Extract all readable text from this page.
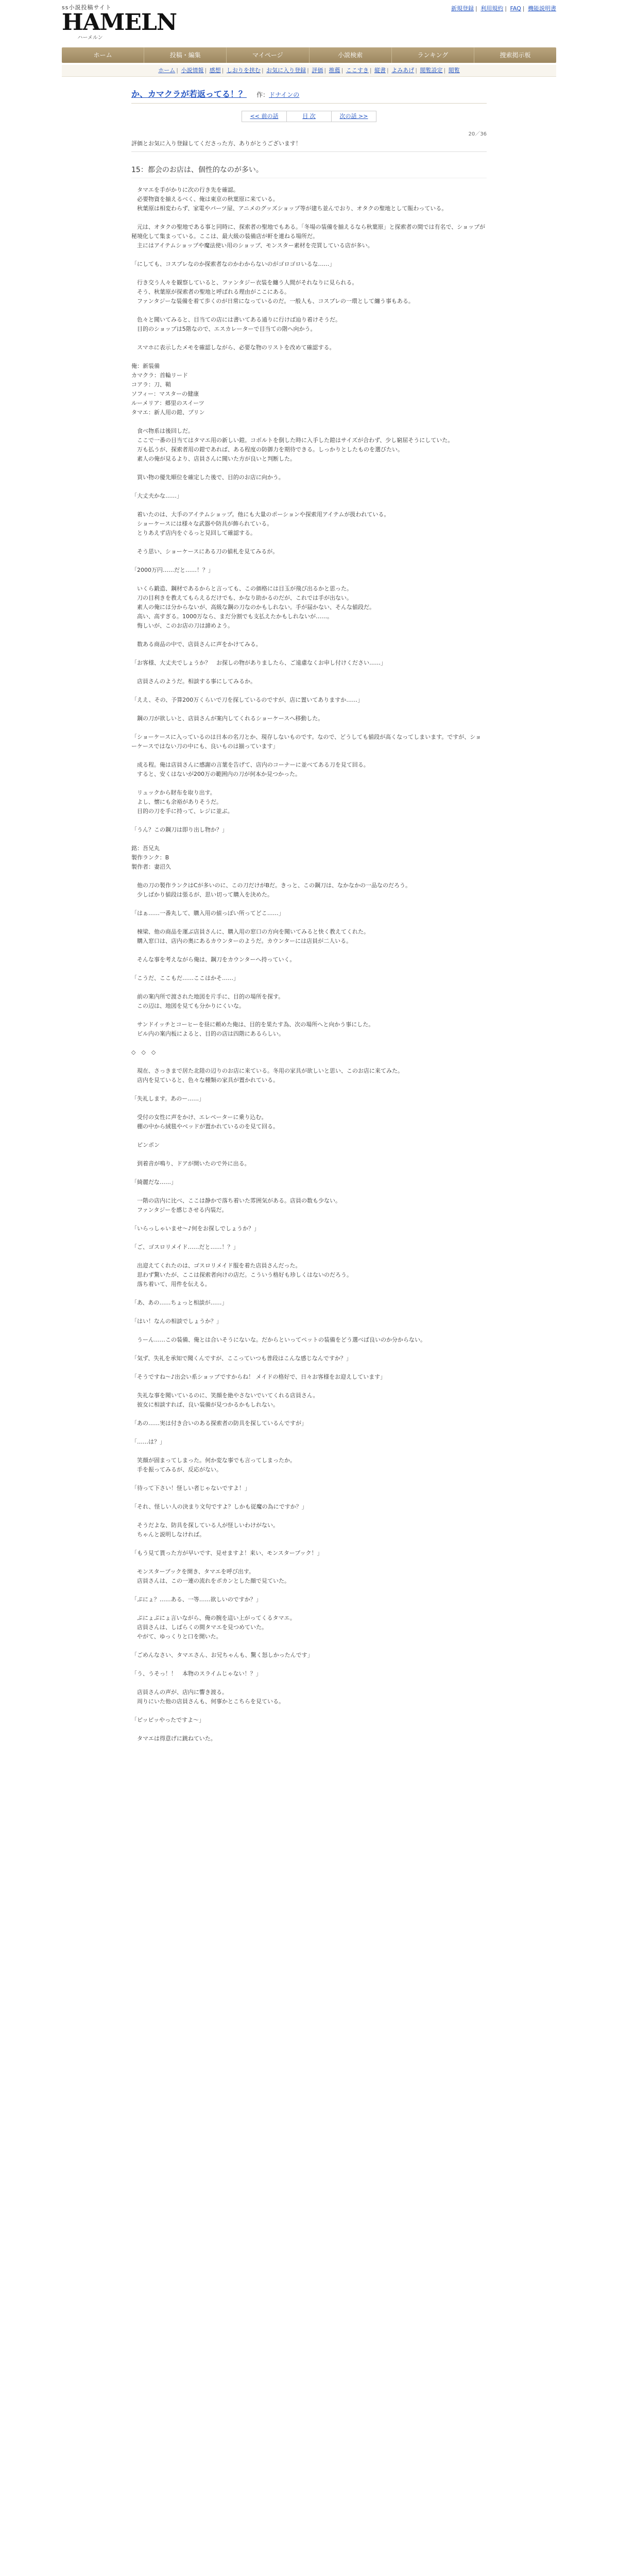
ss小説投稿サイト
HAMELN
ハーメルン
新規登録 | 利用規約 | FAQ | 機能説明書
ホーム	投稿・編集	マイページ	小説検索	ランキング	捜索掲示板
ホーム | 小説情報 | 感想 | しおりを挟む | お気に入り登録 | 評価 | 推薦 | ここすき | 縦書 | よみあげ | 閲覧設定 | 閲覧
か、カマクラが若返ってる！？ 作：ドナインの
<< 前の話	目 次	次の話 >>
20／36
評価とお気に入り登録してくださった方、ありがとうございます！
15：都会のお店は、個性的なのが多い。

　タマエを手がかりに次の行き先を確認。

　必要物資を揃えるべく、俺は東京の秋葉原に来ている。

　秋葉原は相変わらず、家電やパーツ屋、アニメのグッズショップ等が建ち並んでおり、オタクの聖地として賑わっている。

　元は、オタクの聖地である事と同時に、探索者の聖地でもある。「冬場の装備を揃えるなら秋葉原」と探索者の間では有名で、ショップが秘境化して集まっている。ここは、最大級の装備店が軒を連ねる場所だ。

　主にはアイテムショップや魔法使い用のショップ、モンスター素材を売買している店が多い。

「にしても、コスプレなのか探索者なのかわからないのがゴロゴロいるな……」

　行き交う人々を観察していると、ファンタジー衣装を纏う人間がそれなりに見られる。

　そう、秋葉原が探索者の聖地と呼ばれる理由がここにある。

　ファンタジーな装備を着て歩くのが日常になっているのだ。一般人も、コスプレの一環として纏う事もある。

　色々と聞いてみると、目当ての店には書いてある通りに行けば辿り着けそうだ。

　目的のショップは5階なので、エスカレーターで目当ての階へ向かう。

　スマホに表示したメモを確認しながら、必要な物のリストを改めて確認する。

俺：新装備

カマクラ：首輪リード

コアラ：刀、鞘

ソフィー：マスターの健康

ルーメリア：郷里のスイーツ

タマエ：新人用の鎧、プリン

　食べ物系は後回しだ。

　ここで一番の目当てはタマエ用の新しい鎧。コボルトを倒した時に入手した鎧はサイズが合わず、少し窮屈そうにしていた。

　万も払うが、探索者用の鎧であれば、ある程度の防御力を期待できる。しっかりとしたものを選びたい。

　素人の俺が見るより、店員さんに聞いた方が良いと判断した。

　買い物の優先順位を確定した後で、目的のお店に向かう。

「大丈夫かな……」

　着いたのは、大手のアイテムショップ。他にも大量のポーションや探索用アイテムが扱われている。

　ショーケースには様々な武器や防具が飾られている。

　とりあえず店内をぐるっと見回して確認する。

　そう思い、ショーケースにある刀の値札を見てみるが。

「2000万円……だと……！？」

　いくら鍛造、鋼材であるからと言っても、この価格には目玉が飛び出るかと思った。

　刀の目利きを教えてもらえるだけでも、かなり助かるのだが、これでは手が出ない。

　素人の俺には分からないが、高級な鋼の刀なのかもしれない。手が届かない、そんな値段だ。

　高い、高すぎる。1000万なら、まだ分割でも支払えたかもしれないが……。

　悔しいが、このお店の刀は諦めよう。

　数ある商品の中で、店員さんに声をかけてみる。

「お客様、大丈夫でしょうか？　お探しの物がありましたら、ご遠慮なくお申し付けください……」

　店員さんのようだ。相談する事にしてみるか。

「ええ、その、予算200万くらいで刀を探しているのですが、店に置いてありますか……」

　鋼の刀が欲しいと、店員さんが案内してくれるショーケースへ移動した。

「ショーケースに入っているのは日本の名刀とか、現存しないものです。なので、どうしても値段が高くなってしまいます。ですが、ショーケースではない刀の中にも、良いものは揃っています」

　成る程。俺は店員さんに感謝の言葉を告げて、店内のコーナーに並べてある刀を見て回る。

　すると、安くはないが200万の範囲内の刀が何本か見つかった。

　リュックから財布を取り出す。

　よし、懐にも余裕がありそうだ。

　目的の刀を手に持って、レジに並ぶ。

「うん？この鋼刀は即り出し物か？」

銘：吾兄丸

製作ランク：B

製作者：妻沼久

　他の刀の製作ランクはCが多いのに、この刀だけがBだ。きっと、この鋼刀は、なかなかの一品なのだろう。

　少しばかり値段は張るが、思い切って購入を決めた。

「はぁ……一番丸して、購入用の値っぽい所ってどこ……」

　棟梁、他の商品を運ぶ店員さんに、購入用の窓口の方向を聞いてみると快く教えてくれた。

　購入窓口は、店内の奥にあるカウンターのようだ。カウンターには店員が二人いる。

　そんな事を考えながら俺は、鋼刀をカウンターへ持っていく。

「こうだ、ここもだ……ここはかそ……」

　前の案内所で渡された地図を片手に、目的の場所を探す。

　この辺は、地図を見ても分かりにくいな。

　サンドイッチとコーヒーを昼に頼めた俺は、目的を果たす為、次の場所へと向かう事にした。

　ビル内の案内板によると、目的の店は四階にあるらしい。

◇　◇　◇

　現在、さっきまで居た北陸の辺りのお店に来ている。冬用の家具が欲しいと思い、このお店に来てみた。

　店内を見ていると、色々な種類の家具が置かれている。

「失礼します。あのー……」

　受付の女性に声をかけ、エレベーターに乗り込む。

　棚の中から絨毯やベッドが置かれているのを見て回る。

　ピンポン

　到着音が鳴り、ドアが開いたので外に出る。

「綺麗だな……」

　一階の店内に比べ、ここは静かで落ち着いた雰囲気がある。店員の数も少ない。

　ファンタジーを感じさせる内装だ。

「いらっしゃいませ～♪何をお探しでしょうか？」

「ご、ゴスロリメイド……だと……！？」

　出迎えてくれたのは、ゴスロリメイド服を着た店員さんだった。

　思わず驚いたが、ここは探索者向けの店だ。こういう格好も珍しくはないのだろう。

　落ち着いて、用件を伝える。

「あ、あの……ちょっと相談が……」

「はい！なんの相談でしょうか？」

　うーん……この装備、俺とは合いそうにないな。だからといってペットの装備をどう選べば良いのか分からない。

「気ず、失礼を承知で聞くんですが、ここっていつも普段はこんな感じなんですか？」

「そうですね～♪出会い系ショップですからね！ メイドの格好で、日々お客様をお迎えしています」

　失礼な事を聞いているのに、笑顔を絶やさないでいてくれる店員さん。

　彼女に相談すれば、良い装備が見つかるかもしれない。

「あの……実は付き合いのある探索者の防具を探しているんですが」

「……は？」

　笑顔が固まってしまった。何か変な事でも言ってしまったか。

　手を振ってみるが、反応がない。

「待って下さい！怪しい者じゃないですよ！」

「それ、怪しい人の決まり文句ですよ？しかも従魔の為にですか？」

　そうだよな、防具を探している人が怪しいわけがない。

　ちゃんと説明しなければ。

「もう見て貰った方が早いです、見せますよ！来い、モンスターブック！」

　モンスターブックを開き、タマエを呼び出す。

　店員さんは、この一連の流れをポカンとした顔で見ていた。

「ぷにょ？……ある、一等……欲しいのですか？」

　ぷにょぷにょ言いながら、俺の腕を這い上がってくるタマエ。

　店員さんは、しばらくの間タマエを見つめていた。

　やがて、ゆっくりと口を開いた。

「ごめんなさい、タマエさん、お兄ちゃんも、驚く怒しかったんです」

「う、うそっ！！　本物のスライムじゃない！？」

　店員さんの声が、店内に響き渡る。

　周りにいた他の店員さんも、何事かとこちらを見ている。

「ピッピッやったですよ～」

　タマエは得意げに跳ねていた。
